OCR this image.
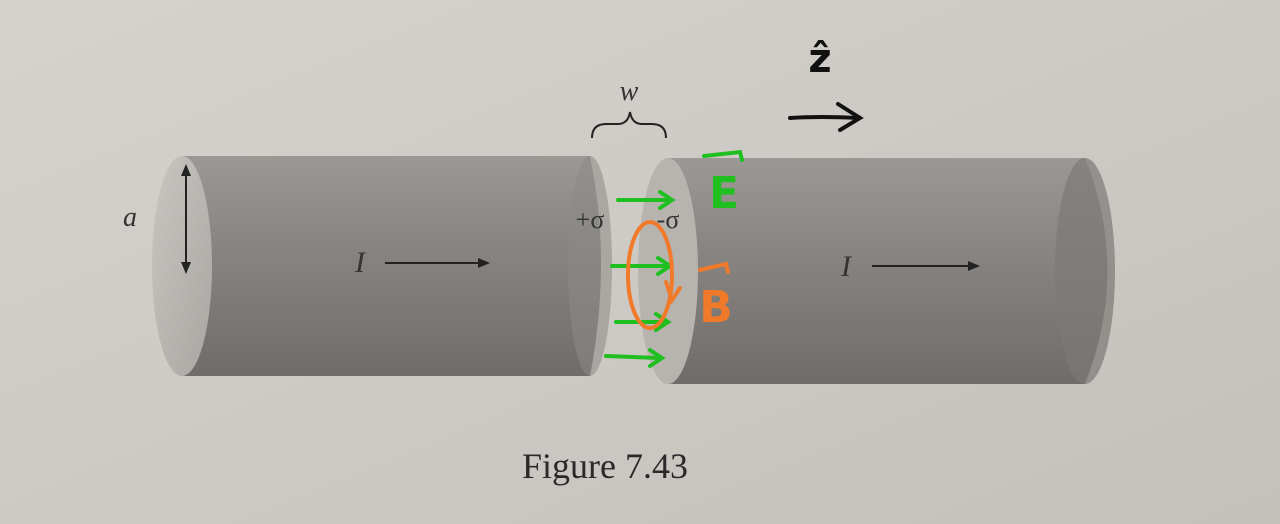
w
a	+σ -σ
I	I
Figure 7.43
ẑ
E
B
